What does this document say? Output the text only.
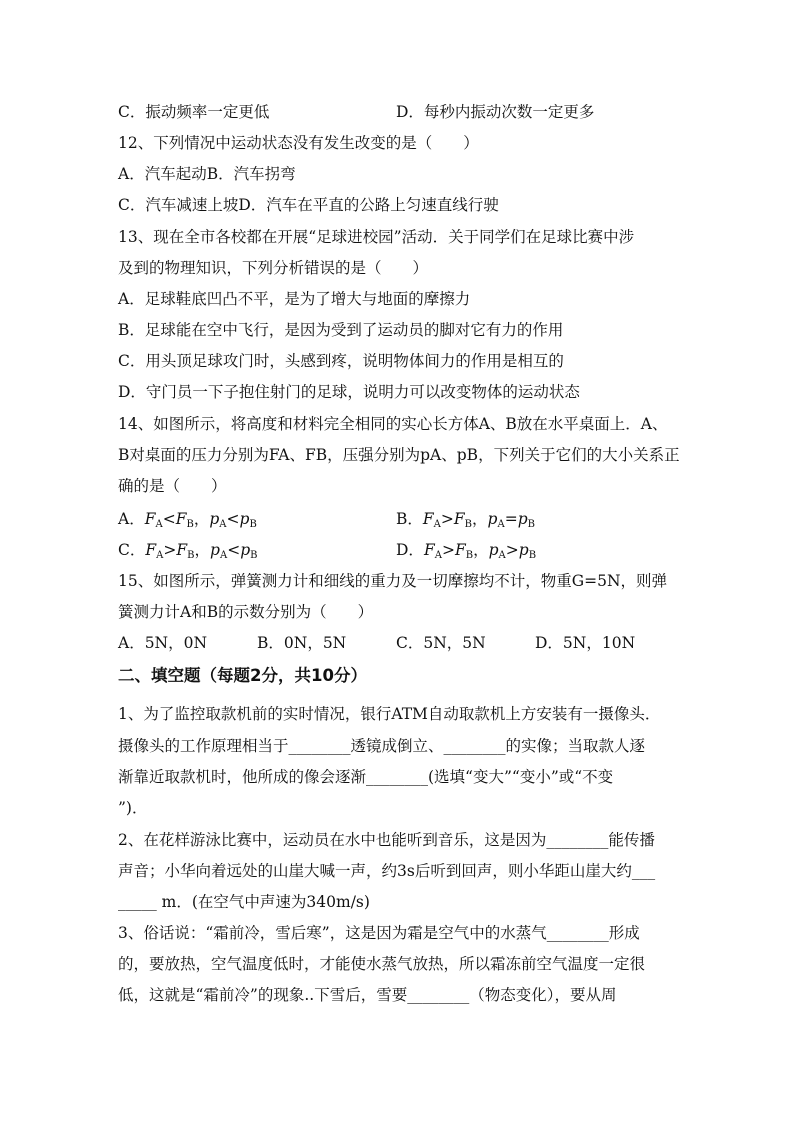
C．振动频率一定更低	D．每秒内振动次数一定更多
12、下列情况中运动状态没有发生改变的是（　　）
A．汽车起动B．汽车拐弯
C．汽车减速上坡D．汽车在平直的公路上匀速直线行驶
13、现在全市各校都在开展“足球进校园”活动．关于同学们在足球比赛中涉
及到的物理知识，下列分析错误的是（　　）
A．足球鞋底凹凸不平，是为了增大与地面的摩擦力
B．足球能在空中飞行，是因为受到了运动员的脚对它有力的作用
C．用头顶足球攻门时，头感到疼，说明物体间力的作用是相互的
D．守门员一下子抱住射门的足球，说明力可以改变物体的运动状态
14、如图所示，将高度和材料完全相同的实心长方体A、B放在水平桌面上．A、
B对桌面的压力分别为FA、FB，压强分别为pA、pB，下列关于它们的大小关系正
确的是（　　）
A．$F_A<F_B$，$p_A<p_B$	B．$F_A>F_B$，$p_A=p_B$
C．$F_A>F_B$，$p_A<p_B$	D．$F_A>F_B$，$p_A>p_B$
15、如图所示，弹簧测力计和细线的重力及一切摩擦均不计，物重G=5N，则弹
簧测力计A和B的示数分别为（　　）
A．5N，0N	B．0N，5N	C．5N，5N	D．5N，10N
二、填空题（每题2分，共10分）
1、为了监控取款机前的实时情况，银行ATM自动取款机上方安装有一摄像头．
摄像头的工作原理相当于________透镜成倒立、________的实像；当取款人逐
渐靠近取款机时，他所成的像会逐渐________(选填“变大”“变小”或“不变
”)．
2、在花样游泳比赛中，运动员在水中也能听到音乐，这是因为________能传播
声音；小华向着远处的山崖大喊一声，约3s后听到回声，则小华距山崖大约___
_____ m．(在空气中声速为340m/s)
3、俗话说：“霜前冷，雪后寒”，这是因为霜是空气中的水蒸气________形成
的，要放热，空气温度低时，才能使水蒸气放热，所以霜冻前空气温度一定很
低，这就是“霜前冷”的现象..下雪后，雪要________（物态变化），要从周
